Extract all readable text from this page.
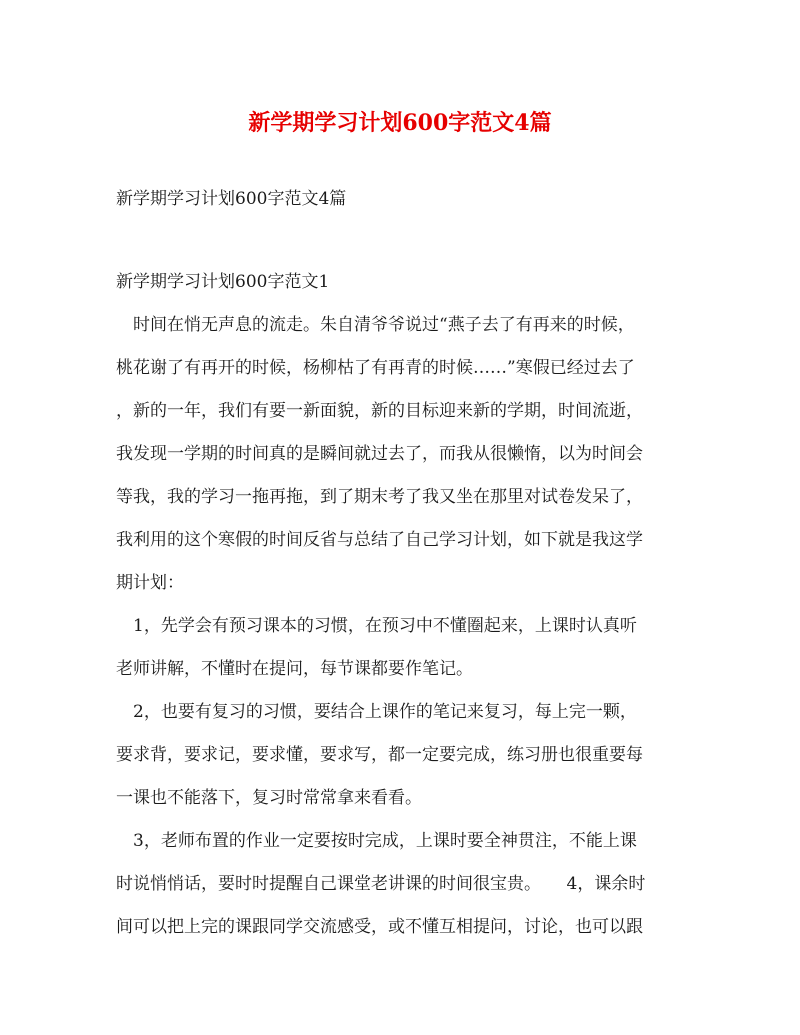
新学期学习计划600字范文4篇

新学期学习计划600字范文4篇

新学期学习计划600字范文1

　时间在悄无声息的流走。朱自清爷爷说过“燕子去了有再来的时候，

桃花谢了有再开的时候，杨柳枯了有再青的时候……”寒假已经过去了

，新的一年，我们有要一新面貌，新的目标迎来新的学期，时间流逝，

我发现一学期的时间真的是瞬间就过去了，而我从很懒惰，以为时间会

等我，我的学习一拖再拖，到了期末考了我又坐在那里对试卷发呆了，

我利用的这个寒假的时间反省与总结了自己学习计划，如下就是我这学

期计划：

　1，先学会有预习课本的习惯，在预习中不懂圈起来，上课时认真听

老师讲解，不懂时在提问，每节课都要作笔记。

　2，也要有复习的习惯，要结合上课作的笔记来复习，每上完一颗，

要求背，要求记，要求懂，要求写，都一定要完成，练习册也很重要每

一课也不能落下，复习时常常拿来看看。

　3，老师布置的作业一定要按时完成，上课时要全神贯注，不能上课

时说悄悄话，要时时提醒自己课堂老讲课的时间很宝贵。　　4，课余时

间可以把上完的课跟同学交流感受，或不懂互相提问，讨论，也可以跟
